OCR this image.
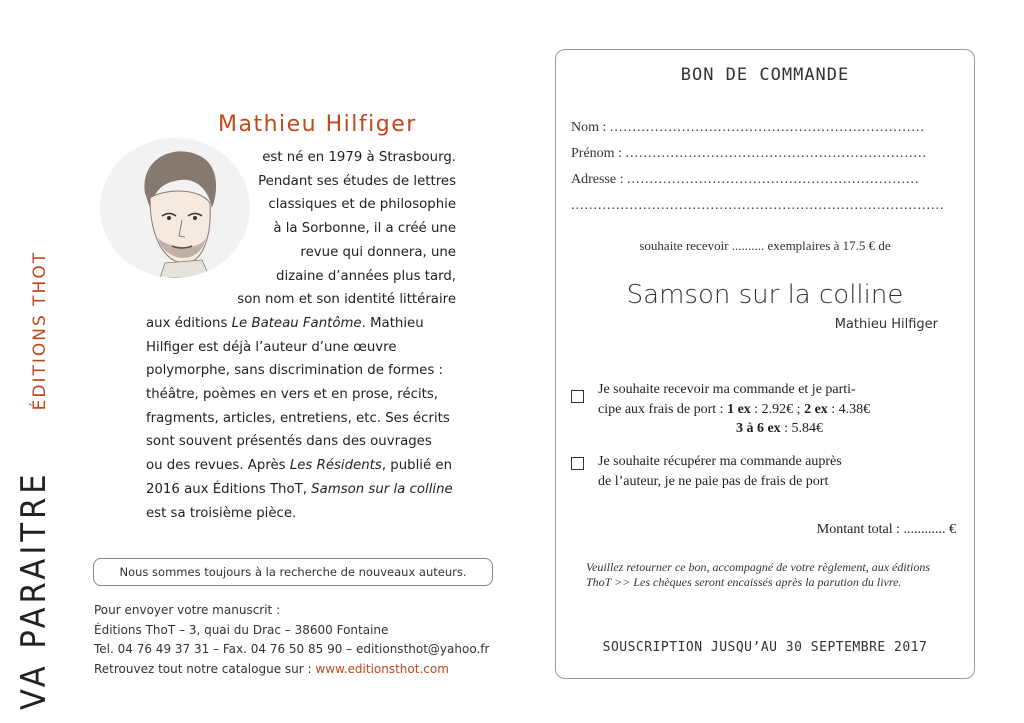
VA PARAITRE
ÉDITIONS THOT
Mathieu Hilfiger
est né en 1979 à Strasbourg.
Pendant ses études de lettres
classiques et de philosophie
à la Sorbonne, il a créé une
revue qui donnera, une
dizaine d’années plus tard,
son nom et son identité littéraire
aux éditions Le Bateau Fantôme. Mathieu
Hilfiger est déjà l’auteur d’une œuvre
polymorphe, sans discrimination de formes :
théâtre, poèmes en vers et en prose, récits,
fragments, articles, entretiens, etc. Ses écrits
sont souvent présentés dans des ouvrages
ou des revues. Après Les Résidents, publié en
2016 aux Éditions ThoT, Samson sur la colline
est sa troisième pièce.
Nous sommes toujours à la recherche de nouveaux auteurs.
Pour envoyer votre manuscrit :
Éditions ThoT – 3, quai du Drac – 38600 Fontaine
Tel. 04 76 49 37 31 – Fax. 04 76 50 85 90 – editionsthot@yahoo.fr
Retrouvez tout notre catalogue sur : www.editionsthot.com
BON DE COMMANDE
Nom : ......................................................................
Prénom : ...................................................................
Adresse : .................................................................
...................................................................................
souhaite recevoir .......... exemplaires à 17.5 € de
Samson sur la colline
Mathieu Hilfiger
Je souhaite recevoir ma commande et je parti-
cipe aux frais de port : 1 ex : 2.92€ ; 2 ex : 4.38€
3 à 6 ex : 5.84€
Je souhaite récupérer ma commande auprès
de l’auteur, je ne paie pas de frais de port
Montant total : ............ €
Veuillez retourner ce bon, accompagné de votre règlement, aux éditions ThoT >> Les chèques seront encaissés après la parution du livre.
SOUSCRIPTION JUSQU’AU 30 SEPTEMBRE 2017
